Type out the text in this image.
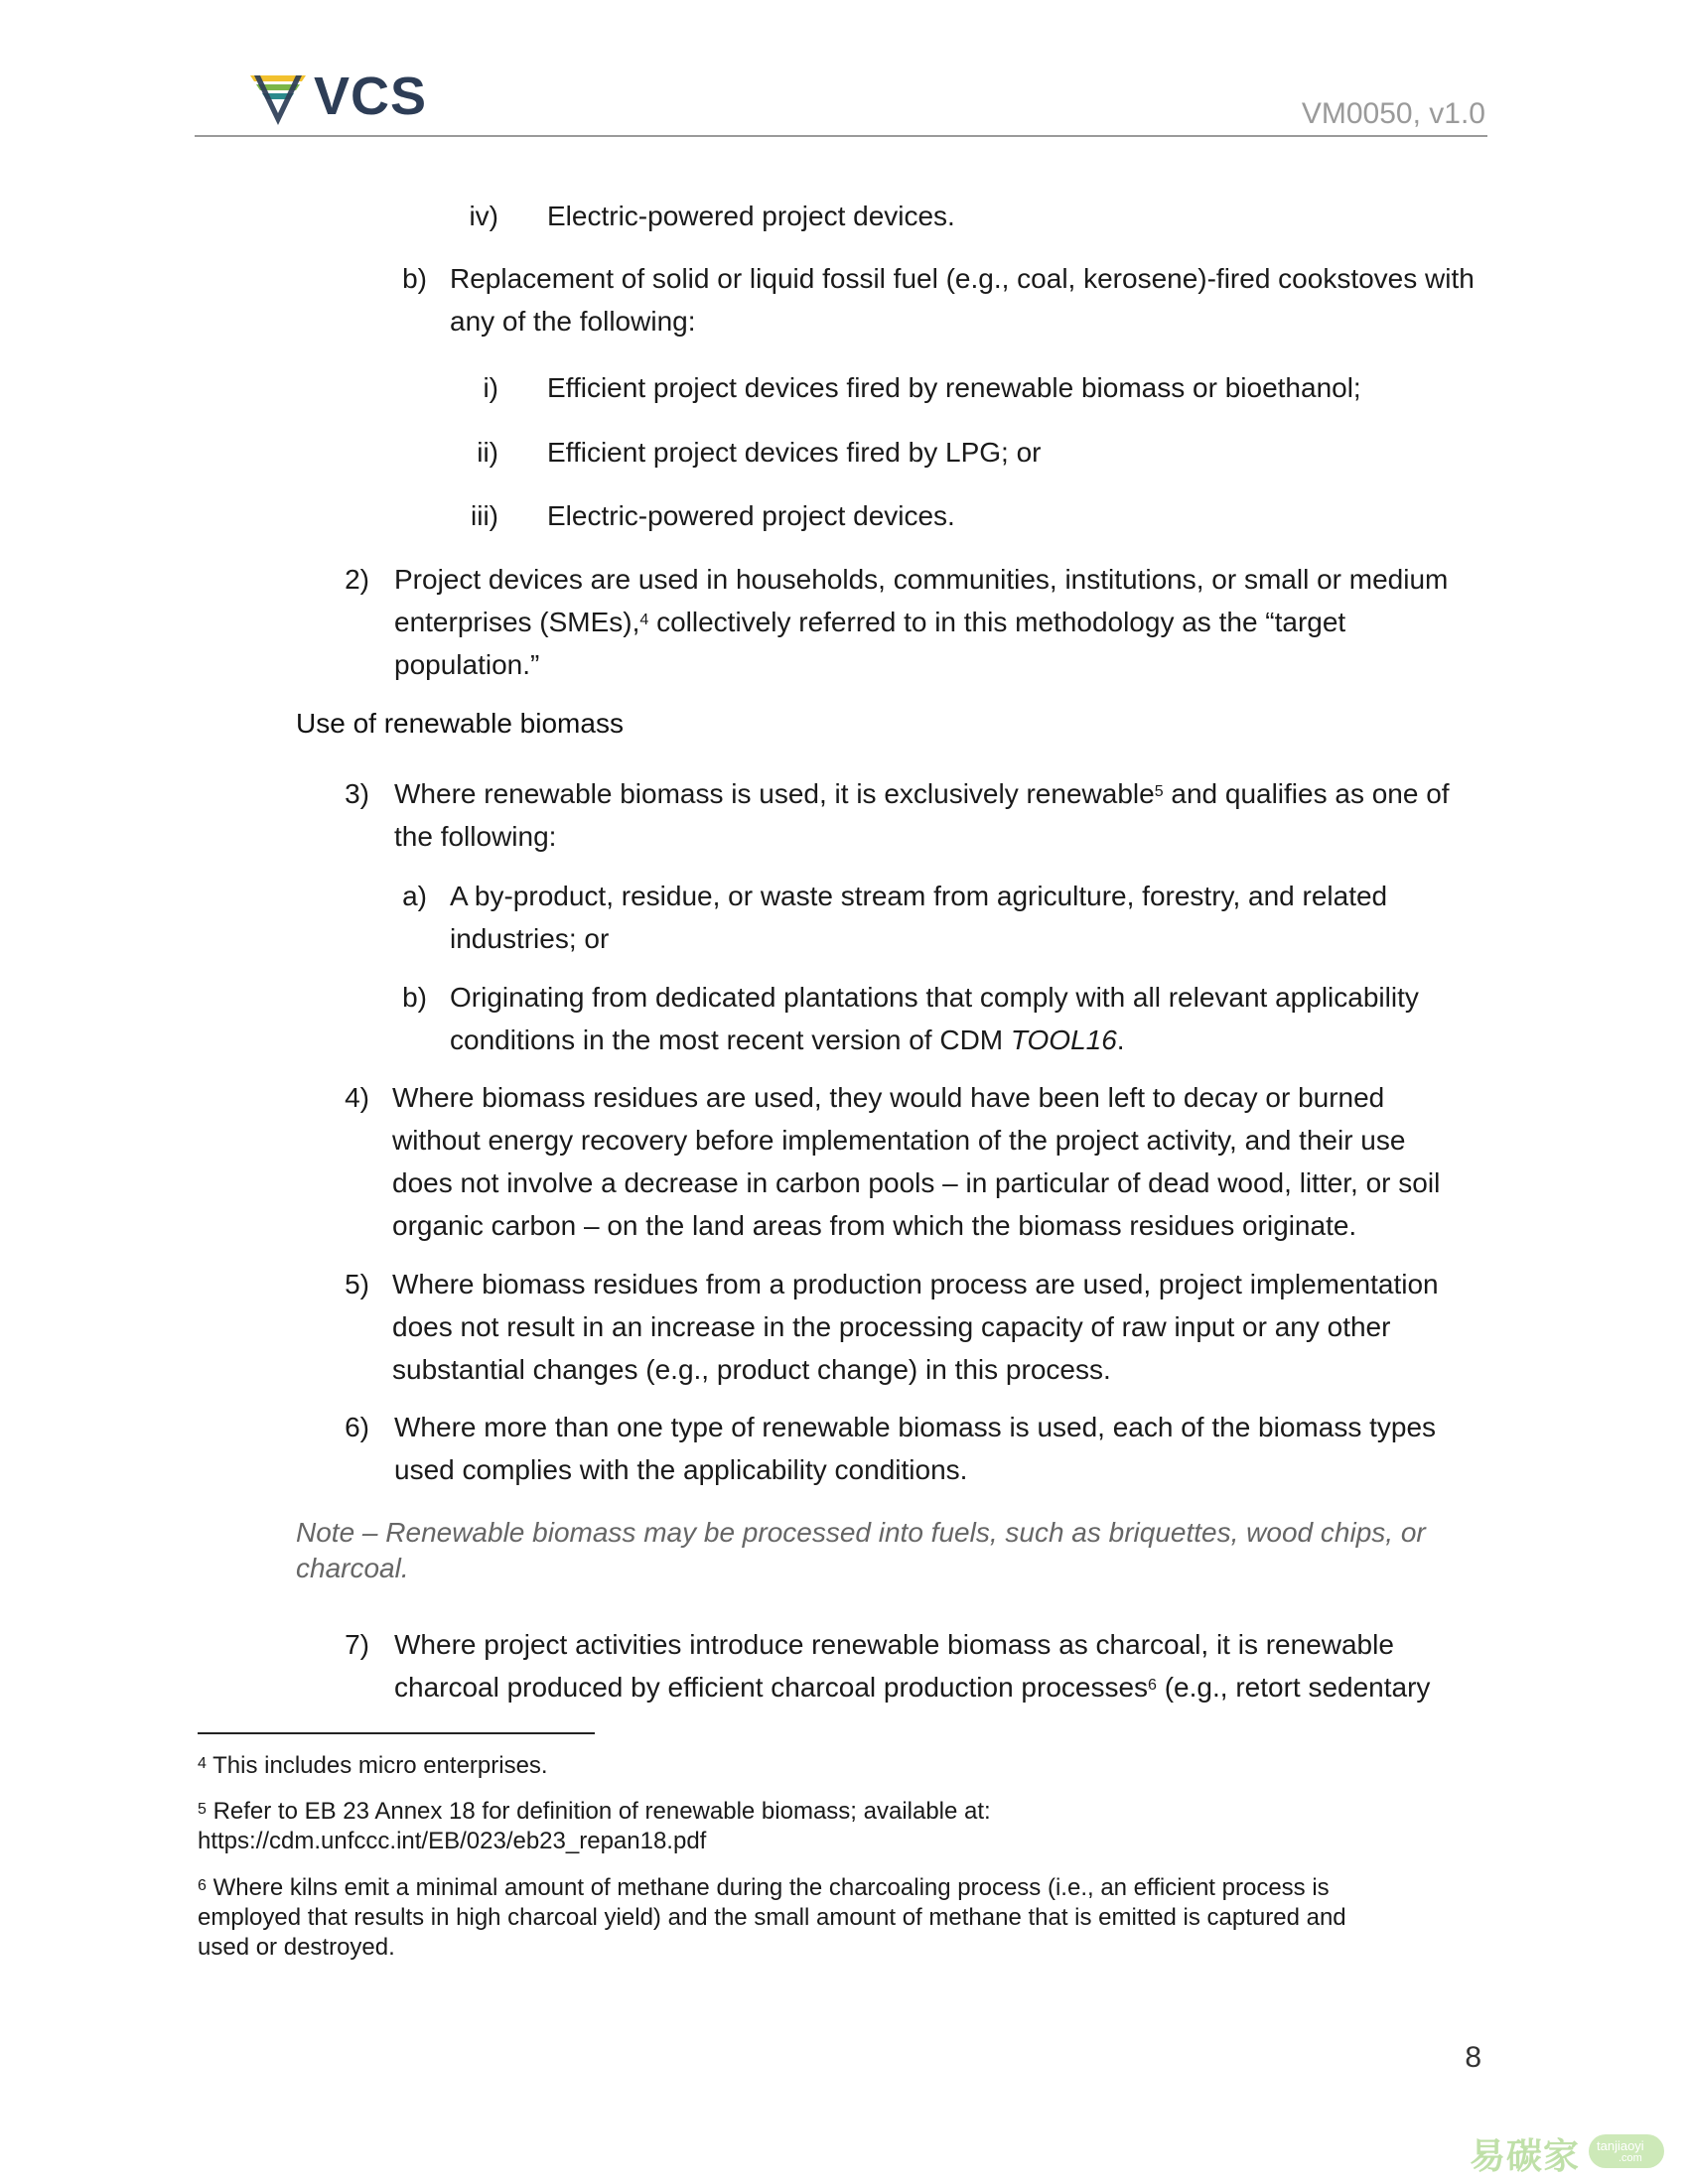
VCS	VM0050, v1.0
iv) Electric-powered project devices.
b) Replacement of solid or liquid fossil fuel (e.g., coal, kerosene)-fired cookstoves with
any of the following:
i) Efficient project devices fired by renewable biomass or bioethanol;
ii) Efficient project devices fired by LPG; or
iii) Electric-powered project devices.
2) Project devices are used in households, communities, institutions, or small or medium
enterprises (SMEs),$^4$ collectively referred to in this methodology as the “target
population.”
Use of renewable biomass
3) Where renewable biomass is used, it is exclusively renewable$^5$ and qualifies as one of
the following:
a) A by-product, residue, or waste stream from agriculture, forestry, and related
industries; or
b) Originating from dedicated plantations that comply with all relevant applicability
conditions in the most recent version of CDM TOOL16.
4) Where biomass residues are used, they would have been left to decay or burned
without energy recovery before implementation of the project activity, and their use
does not involve a decrease in carbon pools – in particular of dead wood, litter, or soil
organic carbon – on the land areas from which the biomass residues originate.
5) Where biomass residues from a production process are used, project implementation
does not result in an increase in the processing capacity of raw input or any other
substantial changes (e.g., product change) in this process.
6) Where more than one type of renewable biomass is used, each of the biomass types
used complies with the applicability conditions.
Note – Renewable biomass may be processed into fuels, such as briquettes, wood chips, or
charcoal.
7) Where project activities introduce renewable biomass as charcoal, it is renewable
charcoal produced by efficient charcoal production processes$^6$ (e.g., retort sedentary
$^4$ This includes micro enterprises.
$^5$ Refer to EB 23 Annex 18 for definition of renewable biomass; available at:
https://cdm.unfccc.int/EB/023/eb23_repan18.pdf
$^6$ Where kilns emit a minimal amount of methane during the charcoaling process (i.e., an efficient process is
employed that results in high charcoal yield) and the small amount of methane that is emitted is captured and
used or destroyed.
8
易碳家 tanjiaoyi
.com
